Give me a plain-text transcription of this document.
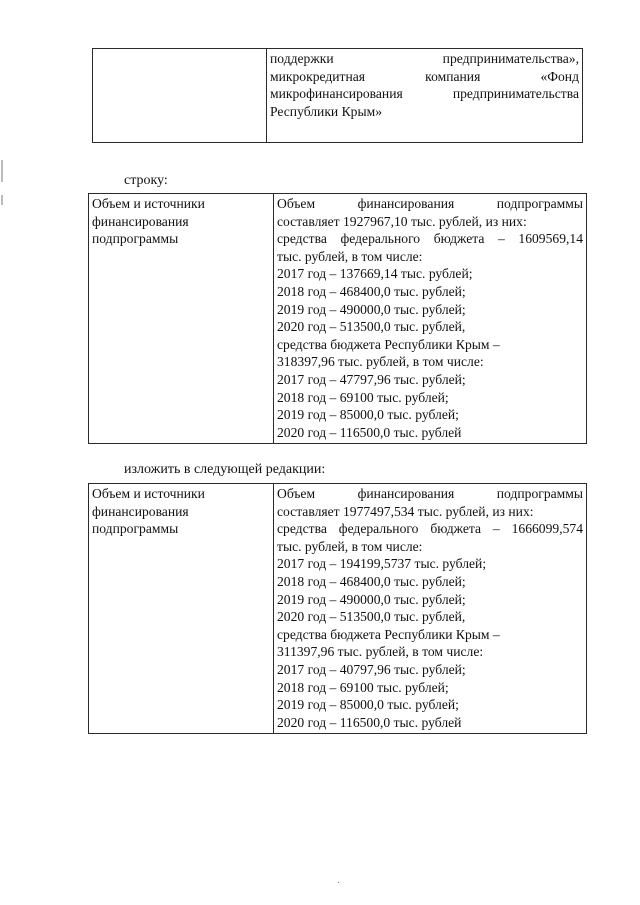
поддержки предпринимательства»,
микрокредитная компания «Фонд
микрофинансирования предпринимательства
Республики Крым»
строку:
Объем и источники
финансирования
подпрограммы

Объем финансирования подпрограммы
составляет 1927967,10 тыс. рублей, из них:
средства федерального бюджета – 1609569,14
тыс. рублей, в том числе:
2017 год – 137669,14 тыс. рублей;
2018 год – 468400,0 тыс. рублей;
2019 год – 490000,0 тыс. рублей;
2020 год – 513500,0 тыс. рублей,
средства бюджета Республики Крым –
318397,96 тыс. рублей, в том числе:
2017 год – 47797,96 тыс. рублей;
2018 год – 69100 тыс. рублей;
2019 год – 85000,0 тыс. рублей;
2020 год – 116500,0 тыс. рублей
изложить в следующей редакции:
Объем и источники
финансирования
подпрограммы

Объем финансирования подпрограммы
составляет 1977497,534 тыс. рублей, из них:
средства федерального бюджета – 1666099,574
тыс. рублей, в том числе:
2017 год – 194199,5737 тыс. рублей;
2018 год – 468400,0 тыс. рублей;
2019 год – 490000,0 тыс. рублей;
2020 год – 513500,0 тыс. рублей,
средства бюджета Республики Крым –
311397,96 тыс. рублей, в том числе:
2017 год – 40797,96 тыс. рублей;
2018 год – 69100 тыс. рублей;
2019 год – 85000,0 тыс. рублей;
2020 год – 116500,0 тыс. рублей
